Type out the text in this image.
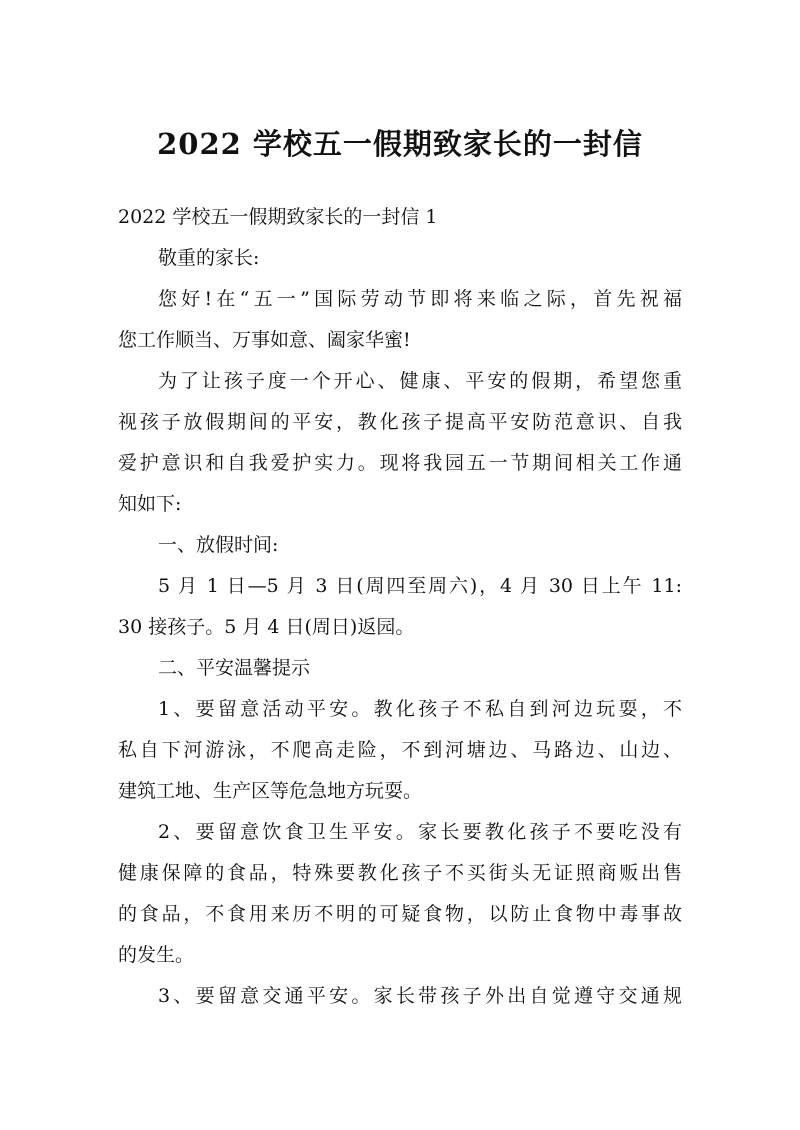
2022 学校五一假期致家长的一封信
2022 学校五一假期致家长的一封信 1
敬重的家长:
您好!在“五一”国际劳动节即将来临之际，首先祝福
您工作顺当、万事如意、阖家华蜜!
为了让孩子度一个开心、健康、平安的假期，希望您重
视孩子放假期间的平安，教化孩子提高平安防范意识、自我
爱护意识和自我爱护实力。现将我园五一节期间相关工作通
知如下:
一、放假时间:
5 月 1 日—5 月 3 日(周四至周六)，4 月 30 日上午 11:
30 接孩子。5 月 4 日(周日)返园。
二、平安温馨提示
1、要留意活动平安。教化孩子不私自到河边玩耍，不
私自下河游泳，不爬高走险，不到河塘边、马路边、山边、
建筑工地、生产区等危急地方玩耍。
2、要留意饮食卫生平安。家长要教化孩子不要吃没有
健康保障的食品，特殊要教化孩子不买街头无证照商贩出售
的食品，不食用来历不明的可疑食物，以防止食物中毒事故
的发生。
3、要留意交通平安。家长带孩子外出自觉遵守交通规
